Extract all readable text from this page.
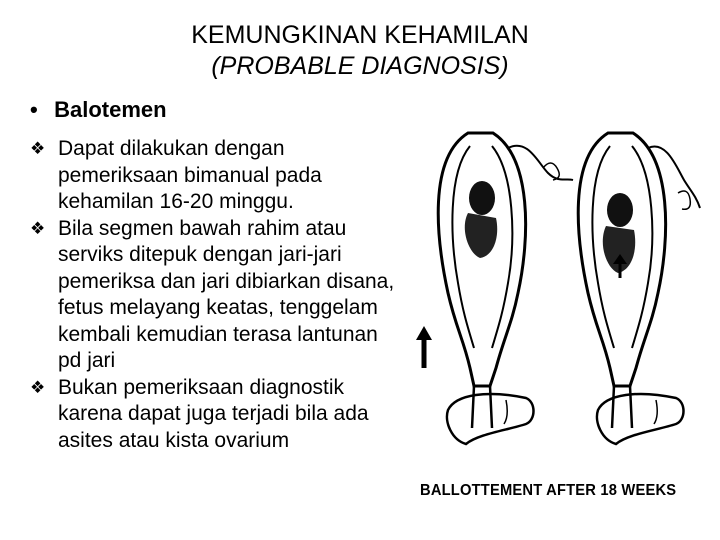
KEMUNGKINAN KEHAMILAN
(PROBABLE DIAGNOSIS)
• Balotemen
❖ Dapat dilakukan dengan pemeriksaan bimanual pada kehamilan 16-20 minggu.
❖ Bila segmen bawah rahim atau serviks ditepuk dengan jari-jari pemeriksa dan jari dibiarkan disana, fetus melayang keatas, tenggelam kembali kemudian terasa lantunan pd jari
❖ Bukan pemeriksaan diagnostik karena dapat juga terjadi bila ada asites atau kista ovarium
BALLOTTEMENT AFTER 18 WEEKS
